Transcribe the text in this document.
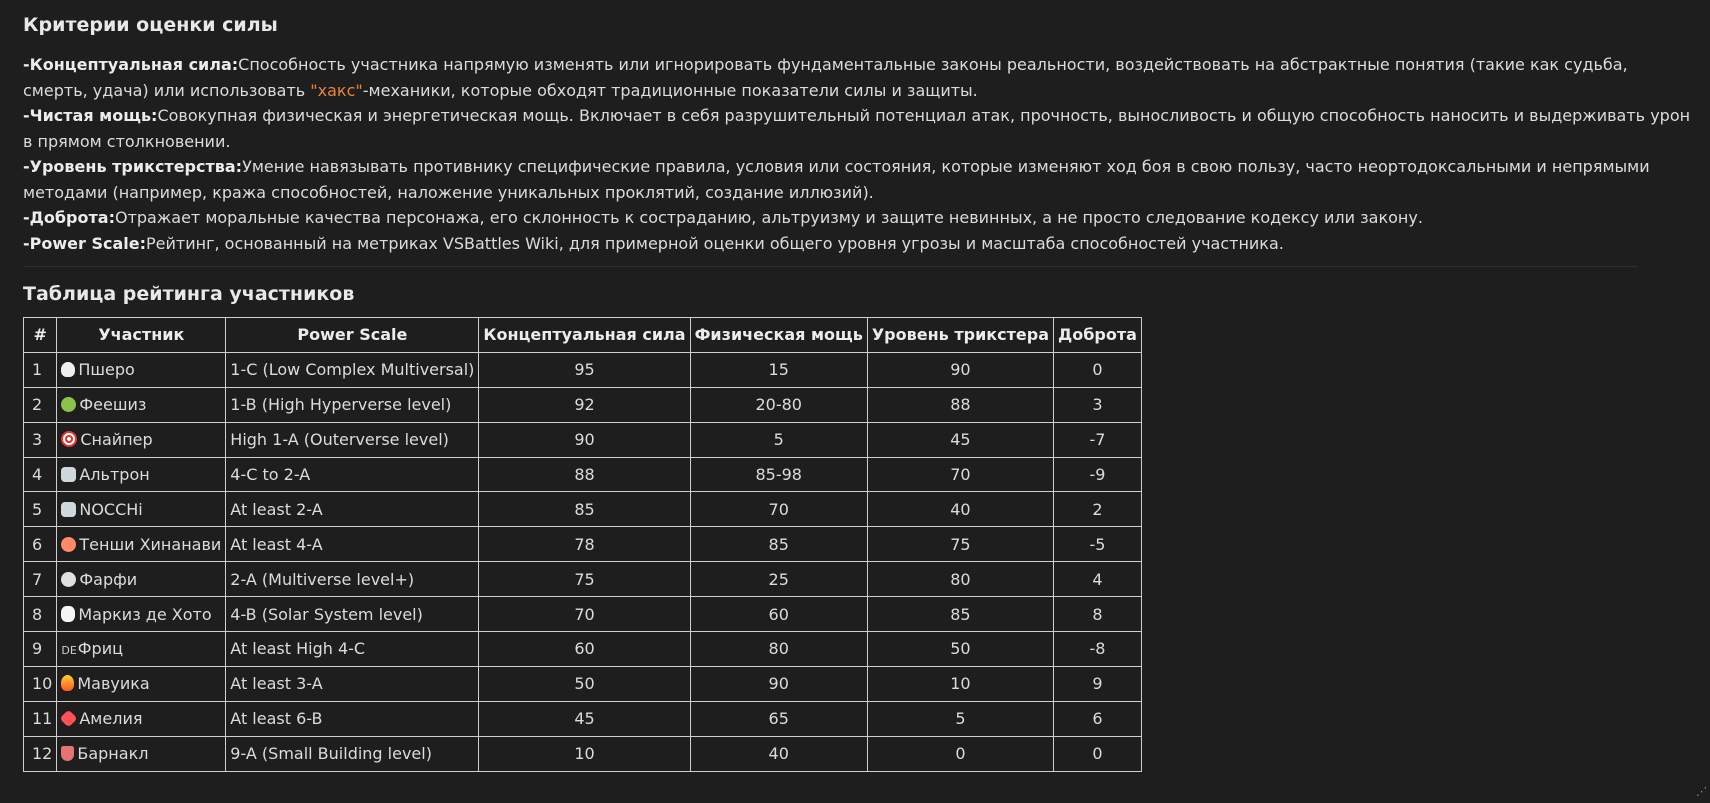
Критерии оценки силы

-Концептуальная сила:Способность участника напрямую изменять или игнорировать фундаментальные законы реальности, воздействовать на абстрактные понятия (такие как судьба, смерть, удача) или использовать "хакс"-механики, которые обходят традиционные показатели силы и защиты.

-Чистая мощь:Совокупная физическая и энергетическая мощь. Включает в себя разрушительный потенциал атак, прочность, выносливость и общую способность наносить и выдерживать урон в прямом столкновении.

-Уровень трикстерства:Умение навязывать противнику специфические правила, условия или состояния, которые изменяют ход боя в свою пользу, часто неортодоксальными и непрямыми методами (например, кража способностей, наложение уникальных проклятий, создание иллюзий).

-Доброта:Отражает моральные качества персонажа, его склонность к состраданию, альтруизму и защите невинных, а не просто следование кодексу или закону.

-Power Scale:Рейтинг, основанный на метриках VSBattles Wiki, для примерной оценки общего уровня угрозы и масштаба способностей участника.

Таблица рейтинга участников
#	Участник	Power Scale	Концептуальная сила	Физическая мощь	Уровень трикстера	Доброта
1	Пшеро	1-C (Low Complex Multiversal)	95	15	90	0
2	Феешиз	1-B (High Hyperverse level)	92	20-80	88	3
3	Снайпер	High 1-A (Outerverse level)	90	5	45	-7
4	Альтрон	4-C to 2-A	88	85-98	70	-9
5	NOCCHi	At least 2-A	85	70	40	2
6	Тенши Хинанави	At least 4-A	78	85	75	-5
7	Фарфи	2-A (Multiverse level+)	75	25	80	4
8	Маркиз де Хото	4-B (Solar System level)	70	60	85	8
9	DEФриц	At least High 4-C	60	80	50	-8
10	Мавуика	At least 3-A	50	90	10	9
11	Амелия	At least 6-B	45	65	5	6
12	Барнакл	9-A (Small Building level)	10	40	0	0
⋰
